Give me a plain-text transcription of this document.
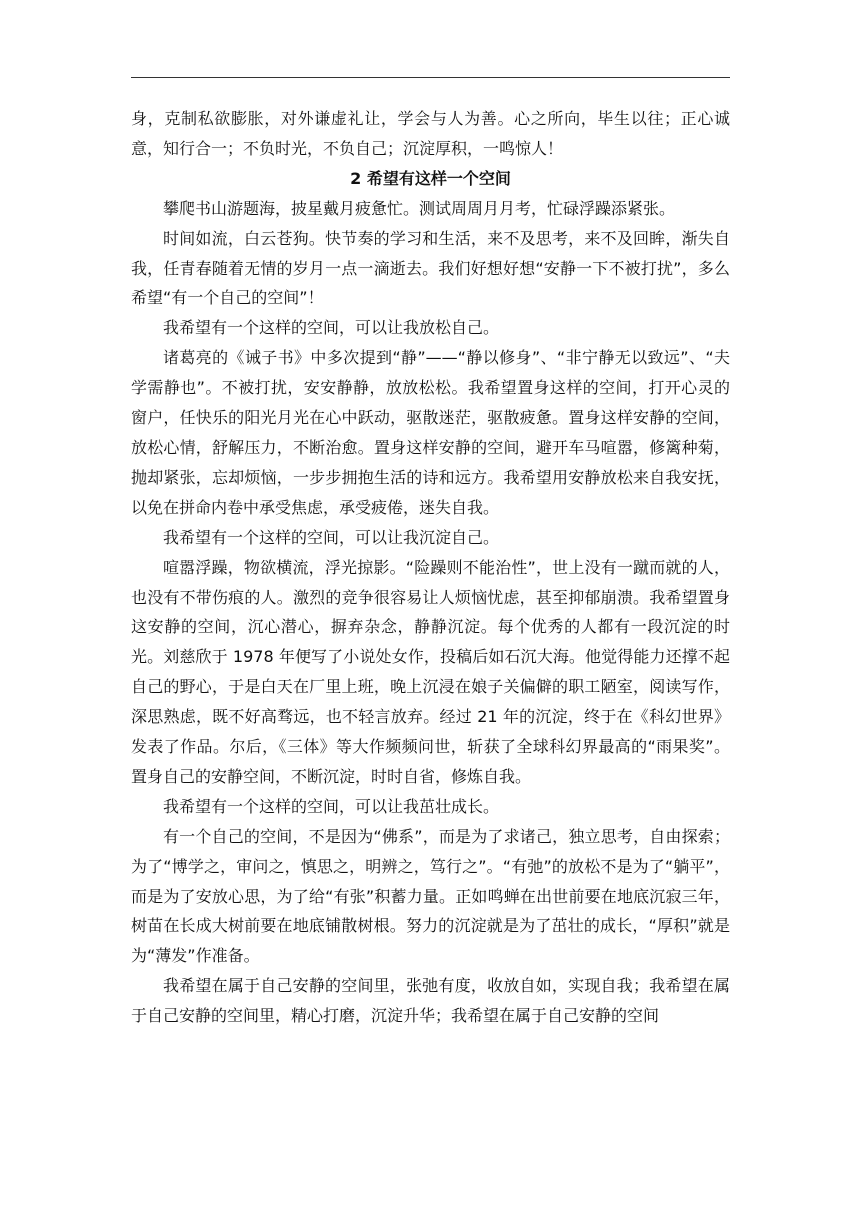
身，克制私欲膨胀，对外谦虚礼让，学会与人为善。心之所向，毕生以往；正心诚意，知行合一；不负时光，不负自己；沉淀厚积，一鸣惊人！

2 希望有这样一个空间

攀爬书山游题海，披星戴月疲惫忙。测试周周月月考，忙碌浮躁添紧张。

时间如流，白云苍狗。快节奏的学习和生活，来不及思考，来不及回眸，渐失自我，任青春随着无情的岁月一点一滴逝去。我们好想好想“安静一下不被打扰”，多么希望“有一个自己的空间”！

我希望有一个这样的空间，可以让我放松自己。

诸葛亮的《诫子书》中多次提到“静”——“静以修身”、“非宁静无以致远”、“夫学需静也”。不被打扰，安安静静，放放松松。我希望置身这样的空间，打开心灵的窗户，任快乐的阳光月光在心中跃动，驱散迷茫，驱散疲惫。置身这样安静的空间，放松心情，舒解压力，不断治愈。置身这样安静的空间，避开车马喧嚣，修篱种菊，抛却紧张，忘却烦恼，一步步拥抱生活的诗和远方。我希望用安静放松来自我安抚，以免在拼命内卷中承受焦虑，承受疲倦，迷失自我。

我希望有一个这样的空间，可以让我沉淀自己。

喧嚣浮躁，物欲横流，浮光掠影。“险躁则不能治性”，世上没有一蹴而就的人，也没有不带伤痕的人。激烈的竞争很容易让人烦恼忧虑，甚至抑郁崩溃。我希望置身这安静的空间，沉心潜心，摒弃杂念，静静沉淀。每个优秀的人都有一段沉淀的时光。刘慈欣于 1978 年便写了小说处女作，投稿后如石沉大海。他觉得能力还撑不起自己的野心，于是白天在厂里上班，晚上沉浸在娘子关偏僻的职工陋室，阅读写作，深思熟虑，既不好高骛远，也不轻言放弃。经过 21 年的沉淀，终于在《科幻世界》发表了作品。尔后，《三体》等大作频频问世，斩获了全球科幻界最高的“雨果奖”。置身自己的安静空间，不断沉淀，时时自省，修炼自我。

我希望有一个这样的空间，可以让我茁壮成长。

有一个自己的空间，不是因为“佛系”，而是为了求诸己，独立思考，自由探索；为了“博学之，审问之，慎思之，明辨之，笃行之”。“有弛”的放松不是为了“躺平”，而是为了安放心思，为了给“有张”积蓄力量。正如鸣蝉在出世前要在地底沉寂三年，树苗在长成大树前要在地底铺散树根。努力的沉淀就是为了茁壮的成长，“厚积”就是为“薄发”作准备。

我希望在属于自己安静的空间里，张弛有度，收放自如，实现自我；我希望在属于自己安静的空间里，精心打磨，沉淀升华；我希望在属于自己安静的空间
